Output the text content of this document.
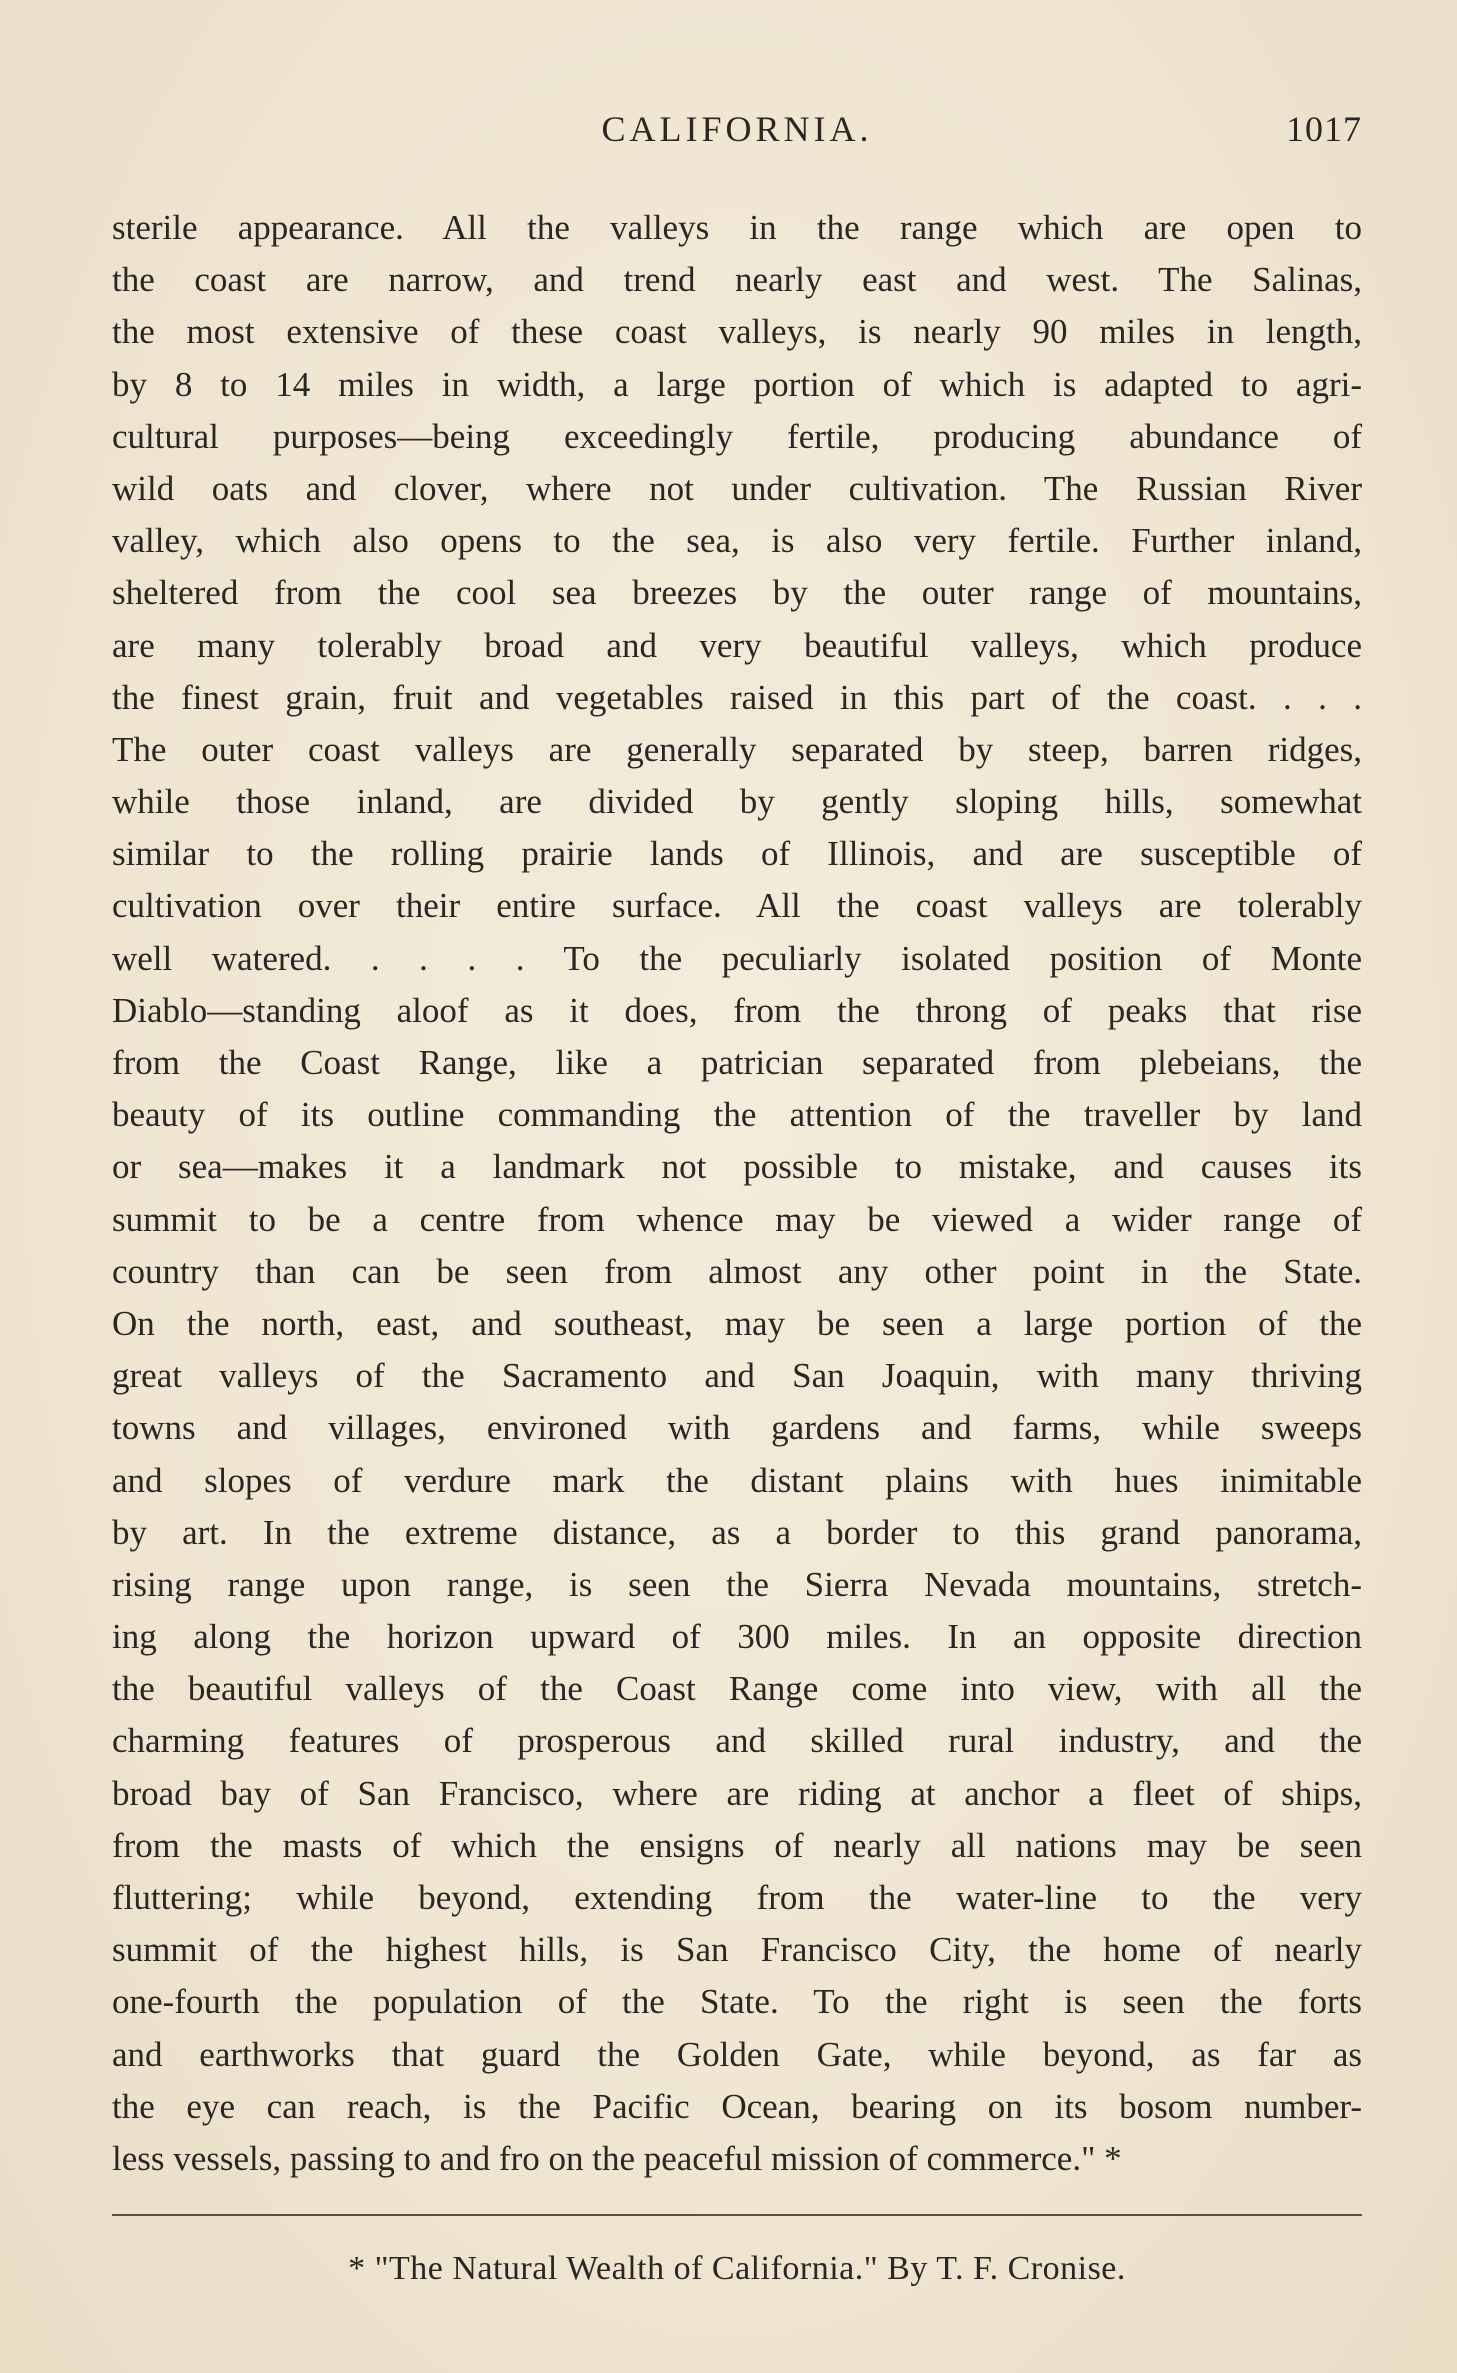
CALIFORNIA.	1017
sterile appearance. All the valleys in the range which are open to
the coast are narrow, and trend nearly east and west. The Salinas,
the most extensive of these coast valleys, is nearly 90 miles in length,
by 8 to 14 miles in width, a large portion of which is adapted to agri-
cultural purposes—being exceedingly fertile, producing abundance of
wild oats and clover, where not under cultivation. The Russian River
valley, which also opens to the sea, is also very fertile. Further inland,
sheltered from the cool sea breezes by the outer range of mountains,
are many tolerably broad and very beautiful valleys, which produce
the finest grain, fruit and vegetables raised in this part of the coast. . . .
The outer coast valleys are generally separated by steep, barren ridges,
while those inland, are divided by gently sloping hills, somewhat
similar to the rolling prairie lands of Illinois, and are susceptible of
cultivation over their entire surface. All the coast valleys are tolerably
well watered. . . . . To the peculiarly isolated position of Monte
Diablo—standing aloof as it does, from the throng of peaks that rise
from the Coast Range, like a patrician separated from plebeians, the
beauty of its outline commanding the attention of the traveller by land
or sea—makes it a landmark not possible to mistake, and causes its
summit to be a centre from whence may be viewed a wider range of
country than can be seen from almost any other point in the State.
On the north, east, and southeast, may be seen a large portion of the
great valleys of the Sacramento and San Joaquin, with many thriving
towns and villages, environed with gardens and farms, while sweeps
and slopes of verdure mark the distant plains with hues inimitable
by art. In the extreme distance, as a border to this grand panorama,
rising range upon range, is seen the Sierra Nevada mountains, stretch-
ing along the horizon upward of 300 miles. In an opposite direction
the beautiful valleys of the Coast Range come into view, with all the
charming features of prosperous and skilled rural industry, and the
broad bay of San Francisco, where are riding at anchor a fleet of ships,
from the masts of which the ensigns of nearly all nations may be seen
fluttering; while beyond, extending from the water-line to the very
summit of the highest hills, is San Francisco City, the home of nearly
one-fourth the population of the State. To the right is seen the forts
and earthworks that guard the Golden Gate, while beyond, as far as
the eye can reach, is the Pacific Ocean, bearing on its bosom number-
less vessels, passing to and fro on the peaceful mission of commerce." *
* "The Natural Wealth of California." By T. F. Cronise.
